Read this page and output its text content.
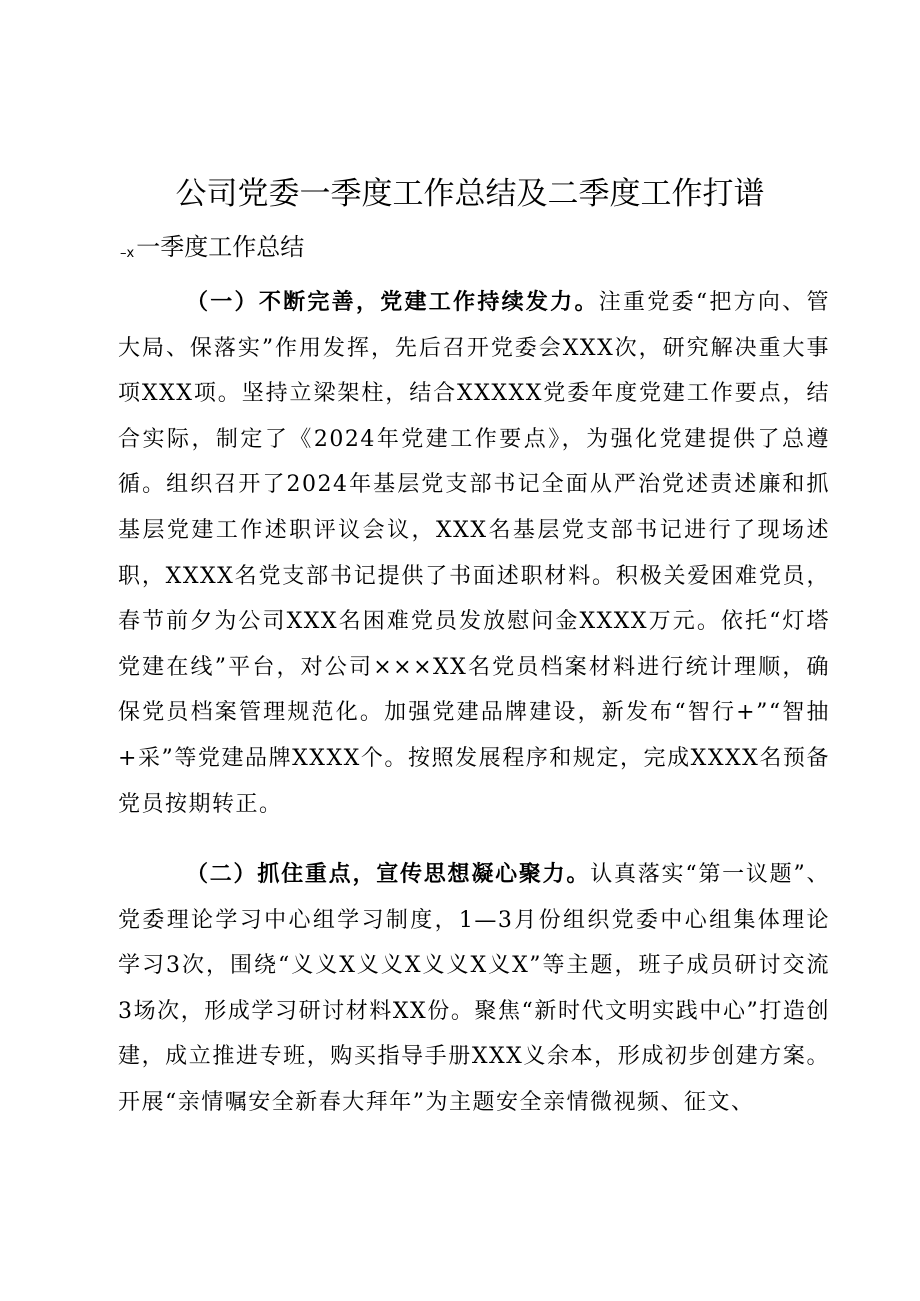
公司党委一季度工作总结及二季度工作打谱
–x一季度工作总结

（一）不断完善，党建工作持续发力。注重党委“把方向、管大局、保落实”作用发挥，先后召开党委会XXX次，研究解决重大事项XXX项。坚持立梁架柱，结合XXXXX党委年度党建工作要点，结合实际，制定了《2024年党建工作要点》，为强化党建提供了总遵循。组织召开了2024年基层党支部书记全面从严治党述责述廉和抓基层党建工作述职评议会议，XXX名基层党支部书记进行了现场述职，XXXX名党支部书记提供了书面述职材料。积极关爱困难党员，春节前夕为公司XXX名困难党员发放慰问金XXXX万元。依托“灯塔党建在线”平台，对公司×××XX名党员档案材料进行统计理顺，确保党员档案管理规范化。加强党建品牌建设，新发布“智行+”“智抽+采”等党建品牌XXXX个。按照发展程序和规定，完成XXXX名预备党员按期转正。

（二）抓住重点，宣传思想凝心聚力。认真落实“第一议题”、党委理论学习中心组学习制度，1—3月份组织党委中心组集体理论学习3次，围绕“义义X义义X义义X义X”等主题，班子成员研讨交流3场次，形成学习研讨材料XX份。聚焦“新时代文明实践中心”打造创建，成立推进专班，购买指导手册XXX义余本，形成初步创建方案。开展“亲情嘱安全新春大拜年”为主题安全亲情微视频、征文、
